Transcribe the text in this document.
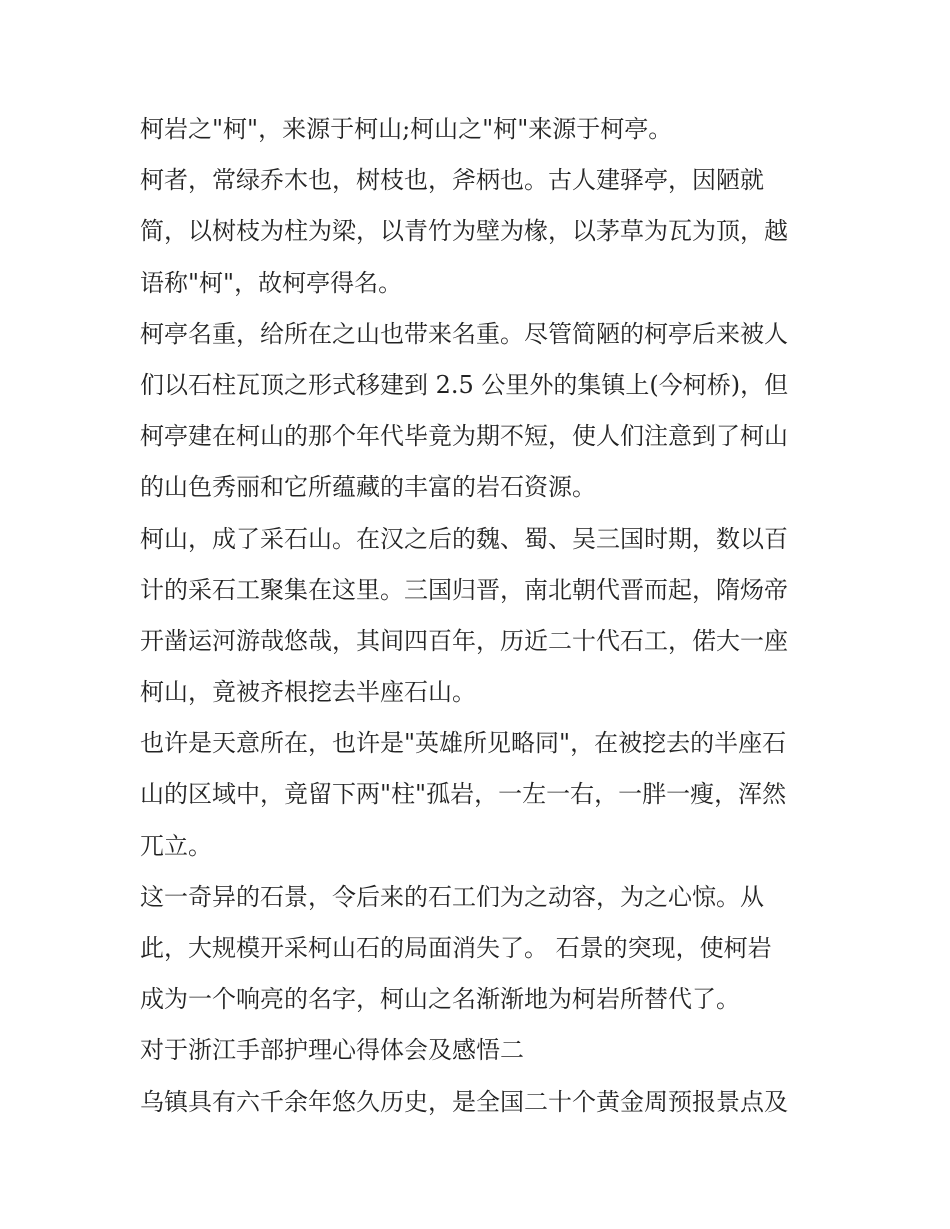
柯岩之"柯"，来源于柯山;柯山之"柯"来源于柯亭。
柯者，常绿乔木也，树枝也，斧柄也。古人建驿亭，因陋就
简，以树枝为柱为梁，以青竹为壁为椽，以茅草为瓦为顶，越
语称"柯"，故柯亭得名。
柯亭名重，给所在之山也带来名重。尽管简陋的柯亭后来被人
们以石柱瓦顶之形式移建到 2.5 公里外的集镇上(今柯桥)，但
柯亭建在柯山的那个年代毕竟为期不短，使人们注意到了柯山
的山色秀丽和它所蕴藏的丰富的岩石资源。
柯山，成了采石山。在汉之后的魏、蜀、吴三国时期，数以百
计的采石工聚集在这里。三国归晋，南北朝代晋而起，隋炀帝
开凿运河游哉悠哉，其间四百年，历近二十代石工，偌大一座
柯山，竟被齐根挖去半座石山。
也许是天意所在，也许是"英雄所见略同"，在被挖去的半座石
山的区域中，竟留下两"柱"孤岩，一左一右，一胖一瘦，浑然
兀立。
这一奇异的石景，令后来的石工们为之动容，为之心惊。从
此，大规模开采柯山石的局面消失了。 石景的突现，使柯岩
成为一个响亮的名字，柯山之名渐渐地为柯岩所替代了。
对于浙江手部护理心得体会及感悟二
乌镇具有六千余年悠久历史，是全国二十个黄金周预报景点及
